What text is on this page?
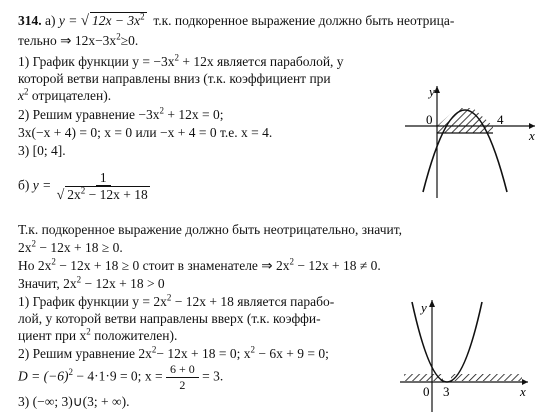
314. а) y = √ $12x - 3x^2$ т.к. подкоренное выражение должно быть неотрица-
тельно ⇒ $12x-3x^2\ge 0$.
1) График функции $y = -3x^2 + 12x$ является параболой, у
которой ветви направлены вниз (т.к. коэффициент при
$x^2$ отрицателен).
2) Решим уравнение $-3x^2 + 12x = 0$;
3x(−x + 4) = 0; x = 0 или −x + 4 = 0 т.е. x = 4.
3) [0; 4].
y
x
0	4
б) $y = \frac{1}{√ 2x^2 - 12x + 18}$
Т.к. подкоренное выражение должно быть неотрицательно, значит,
$2x^2 - 12x + 18 \ge 0$.
Но $2x^2 - 12x + 18 \ge 0$ стоит в знаменателе ⇒ $2x^2 - 12x + 18 \ne 0$.
Значит, $2x^2 - 12x + 18 > 0$
1) График функции $y = 2x^2 - 12x + 18$ является парабо-
лой, у которой ветви направлены вверх (т.к. коэффи-
циент при $x^2$ положителен).
2) Решим уравнение $2x^2- 12x + 18 = 0$; $x^2 - 6x + 9 = 0$;
$D = (-6)^2 - 4\cdot 1\cdot 9 = 0$; $x = \frac{6 + 0}{2} = 3$.
3) (−∞; 3)∪(3; + ∞).
y
x
0 3
